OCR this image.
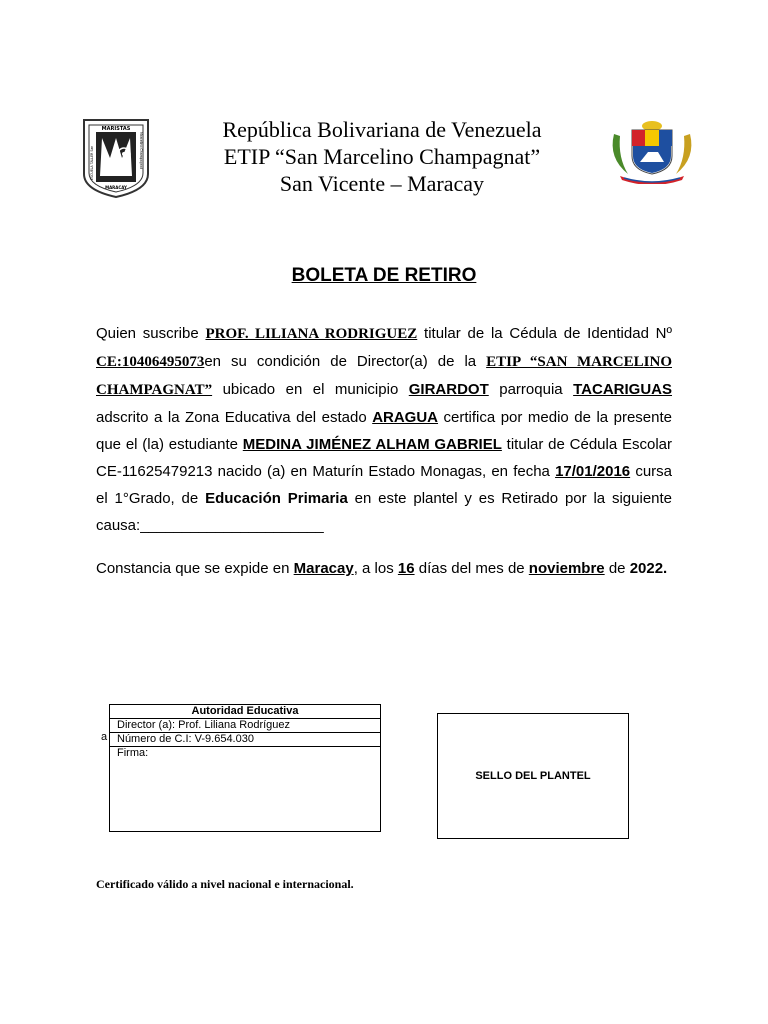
MARISTAS
MARACAY
ESCUELA TALLER San	Marcelino Champagnat
República Bolivariana de Venezuela
ETIP “San Marcelino Champagnat”
San Vicente – Maracay
BOLETA DE RETIRO
Quien suscribe PROF. LILIANA RODRIGUEZ titular de la Cédula de Identidad Nº CE:10406495073en su condición de Director(a) de la ETIP “SAN MARCELINO CHAMPAGNAT” ubicado en el municipio GIRARDOT parroquia TACARIGUAS adscrito a la Zona Educativa del estado ARAGUA certifica por medio de la presente que el (la) estudiante MEDINA JIMÉNEZ ALHAM GABRIEL titular de Cédula Escolar CE-11625479213 nacido (a) en Maturín Estado Monagas, en fecha 17/01/2016 cursa el 1°Grado, de Educación Primaria en este plantel y es Retirado por la siguiente causa:______________________
Constancia que se expide en Maracay, a los 16 días del mes de noviembre de 2022.
a
Autoridad Educativa
Director (a): Prof. Liliana Rodríguez
Número de C.I: V-9.654.030
Firma:
SELLO DEL PLANTEL
Certificado válido a nivel nacional e internacional.
